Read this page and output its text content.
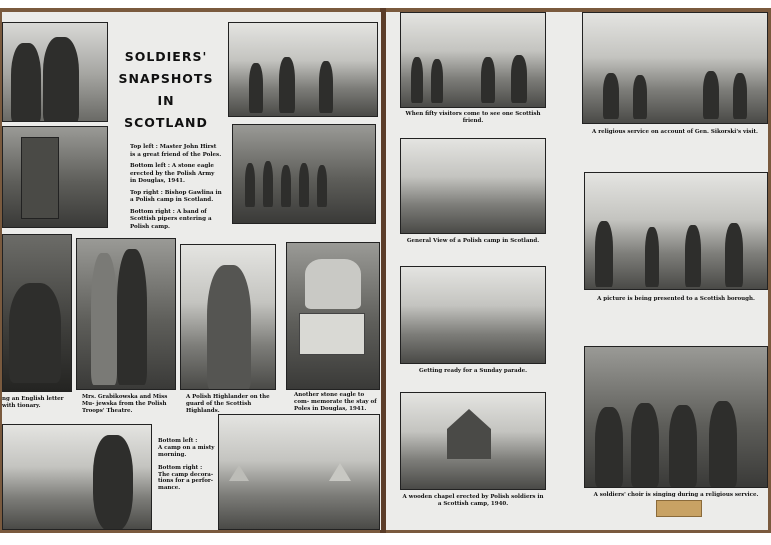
SOLDIERS'
SNAPSHOTS
IN
SCOTLAND

Top left : Master John Hirst is a great friend of the Poles.

Bottom left : A stone eagle erected by the Polish Army in Douglas, 1941.

Top right : Bishop Gawlina in a Polish camp in Scotland.

Bottom right : A band of Scottish pipers entering a Polish camp.

ng an English letter with tionary.
Mrs. Grabikowska and Miss Mu- jewska from the Polish Troops' Theatre.
A Polish Highlander on the guard of the Scottish Highlands.
Another stone eagle to com- memorate the stay of Poles in Douglas, 1941.
Bottom left :
A camp on a misty morning.
Bottom right :
The camp decora- tions for a perfor- mance.
When fifty visitors come to see one Scottish friend.
General View of a Polish camp in Scotland.
Getting ready for a Sunday parade.
A wooden chapel erected by Polish soldiers in a Scottish camp, 1940.
A religious service on account of Gen. Sikorski's visit.
A picture is being presented to a Scottish borough.
A soldiers' choir is singing during a religious service.
